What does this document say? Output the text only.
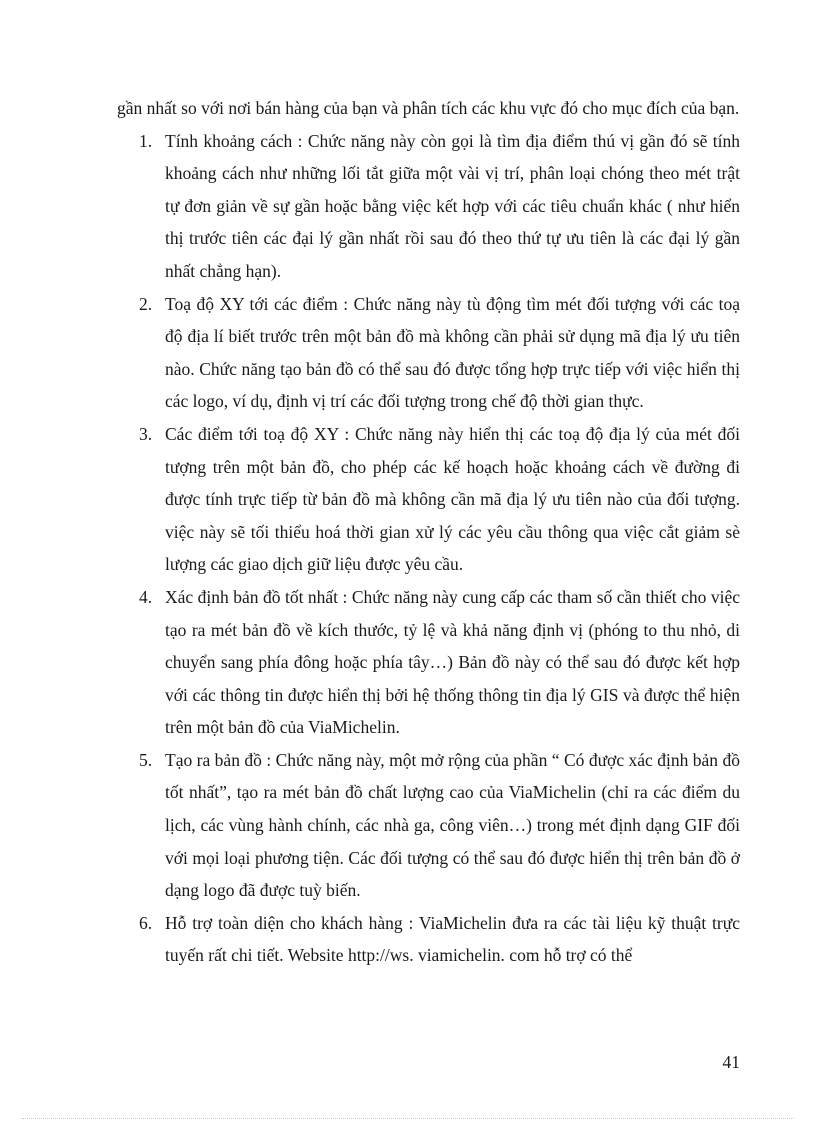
gần nhất so với nơi bán hàng của bạn và phân tích các khu vực đó cho mục đích của bạn.

1. Tính khoảng cách : Chức năng này còn gọi là tìm địa điểm thú vị gần đó sẽ tính khoảng cách như những lối tắt giữa một vài vị trí, phân loại chóng theo mét trật tự đơn giản về sự gần hoặc bằng việc kết hợp với các tiêu chuẩn khác ( như hiển thị trước tiên các đại lý gần nhất rồi sau đó theo thứ tự ưu tiên là các đại lý gần nhất chẳng hạn).
2. Toạ độ XY tới các điểm : Chức năng này tù động tìm mét đối tượng với các toạ độ địa lí biết trước trên một bản đồ mà không cần phải sử dụng mã địa lý ưu tiên nào. Chức năng tạo bản đồ có thể sau đó được tổng hợp trực tiếp với việc hiển thị các logo, ví dụ, định vị trí các đối tượng trong chế độ thời gian thực.
3. Các điểm tới toạ độ XY : Chức năng này hiển thị các toạ độ địa lý của mét đối tượng trên một bản đồ, cho phép các kế hoạch hoặc khoảng cách về đường đi được tính trực tiếp từ bản đồ mà không cần mã địa lý ưu tiên nào của đối tượng. việc này sẽ tối thiểu hoá thời gian xử lý các yêu cầu thông qua việc cắt giảm sè lượng các giao dịch giữ liệu được yêu cầu.
4. Xác định bản đồ tốt nhất : Chức năng này cung cấp các tham số cần thiết cho việc tạo ra mét bản đồ về kích thước, tỷ lệ và khả năng định vị (phóng to thu nhỏ, di chuyển sang phía đông hoặc phía tây…) Bản đồ này có thể sau đó được kết hợp với các thông tin được hiển thị bởi hệ thống thông tin địa lý GIS và được thể hiện trên một bản đồ của ViaMichelin.
5. Tạo ra bản đồ : Chức năng này, một mở rộng của phần “ Có được xác định bản đồ tốt nhất”, tạo ra mét bản đồ chất lượng cao của ViaMichelin (chỉ ra các điểm du lịch, các vùng hành chính, các nhà ga, công viên…) trong mét định dạng GIF đối với mọi loại phương tiện. Các đối tượng có thể sau đó được hiển thị trên bản đồ ở dạng logo đã được tuỳ biến.
6. Hỗ trợ toàn diện cho khách hàng : ViaMichelin đưa ra các tài liệu kỹ thuật trực tuyến rất chi tiết. Website http://ws. viamichelin. com hỗ trợ có thể
41
